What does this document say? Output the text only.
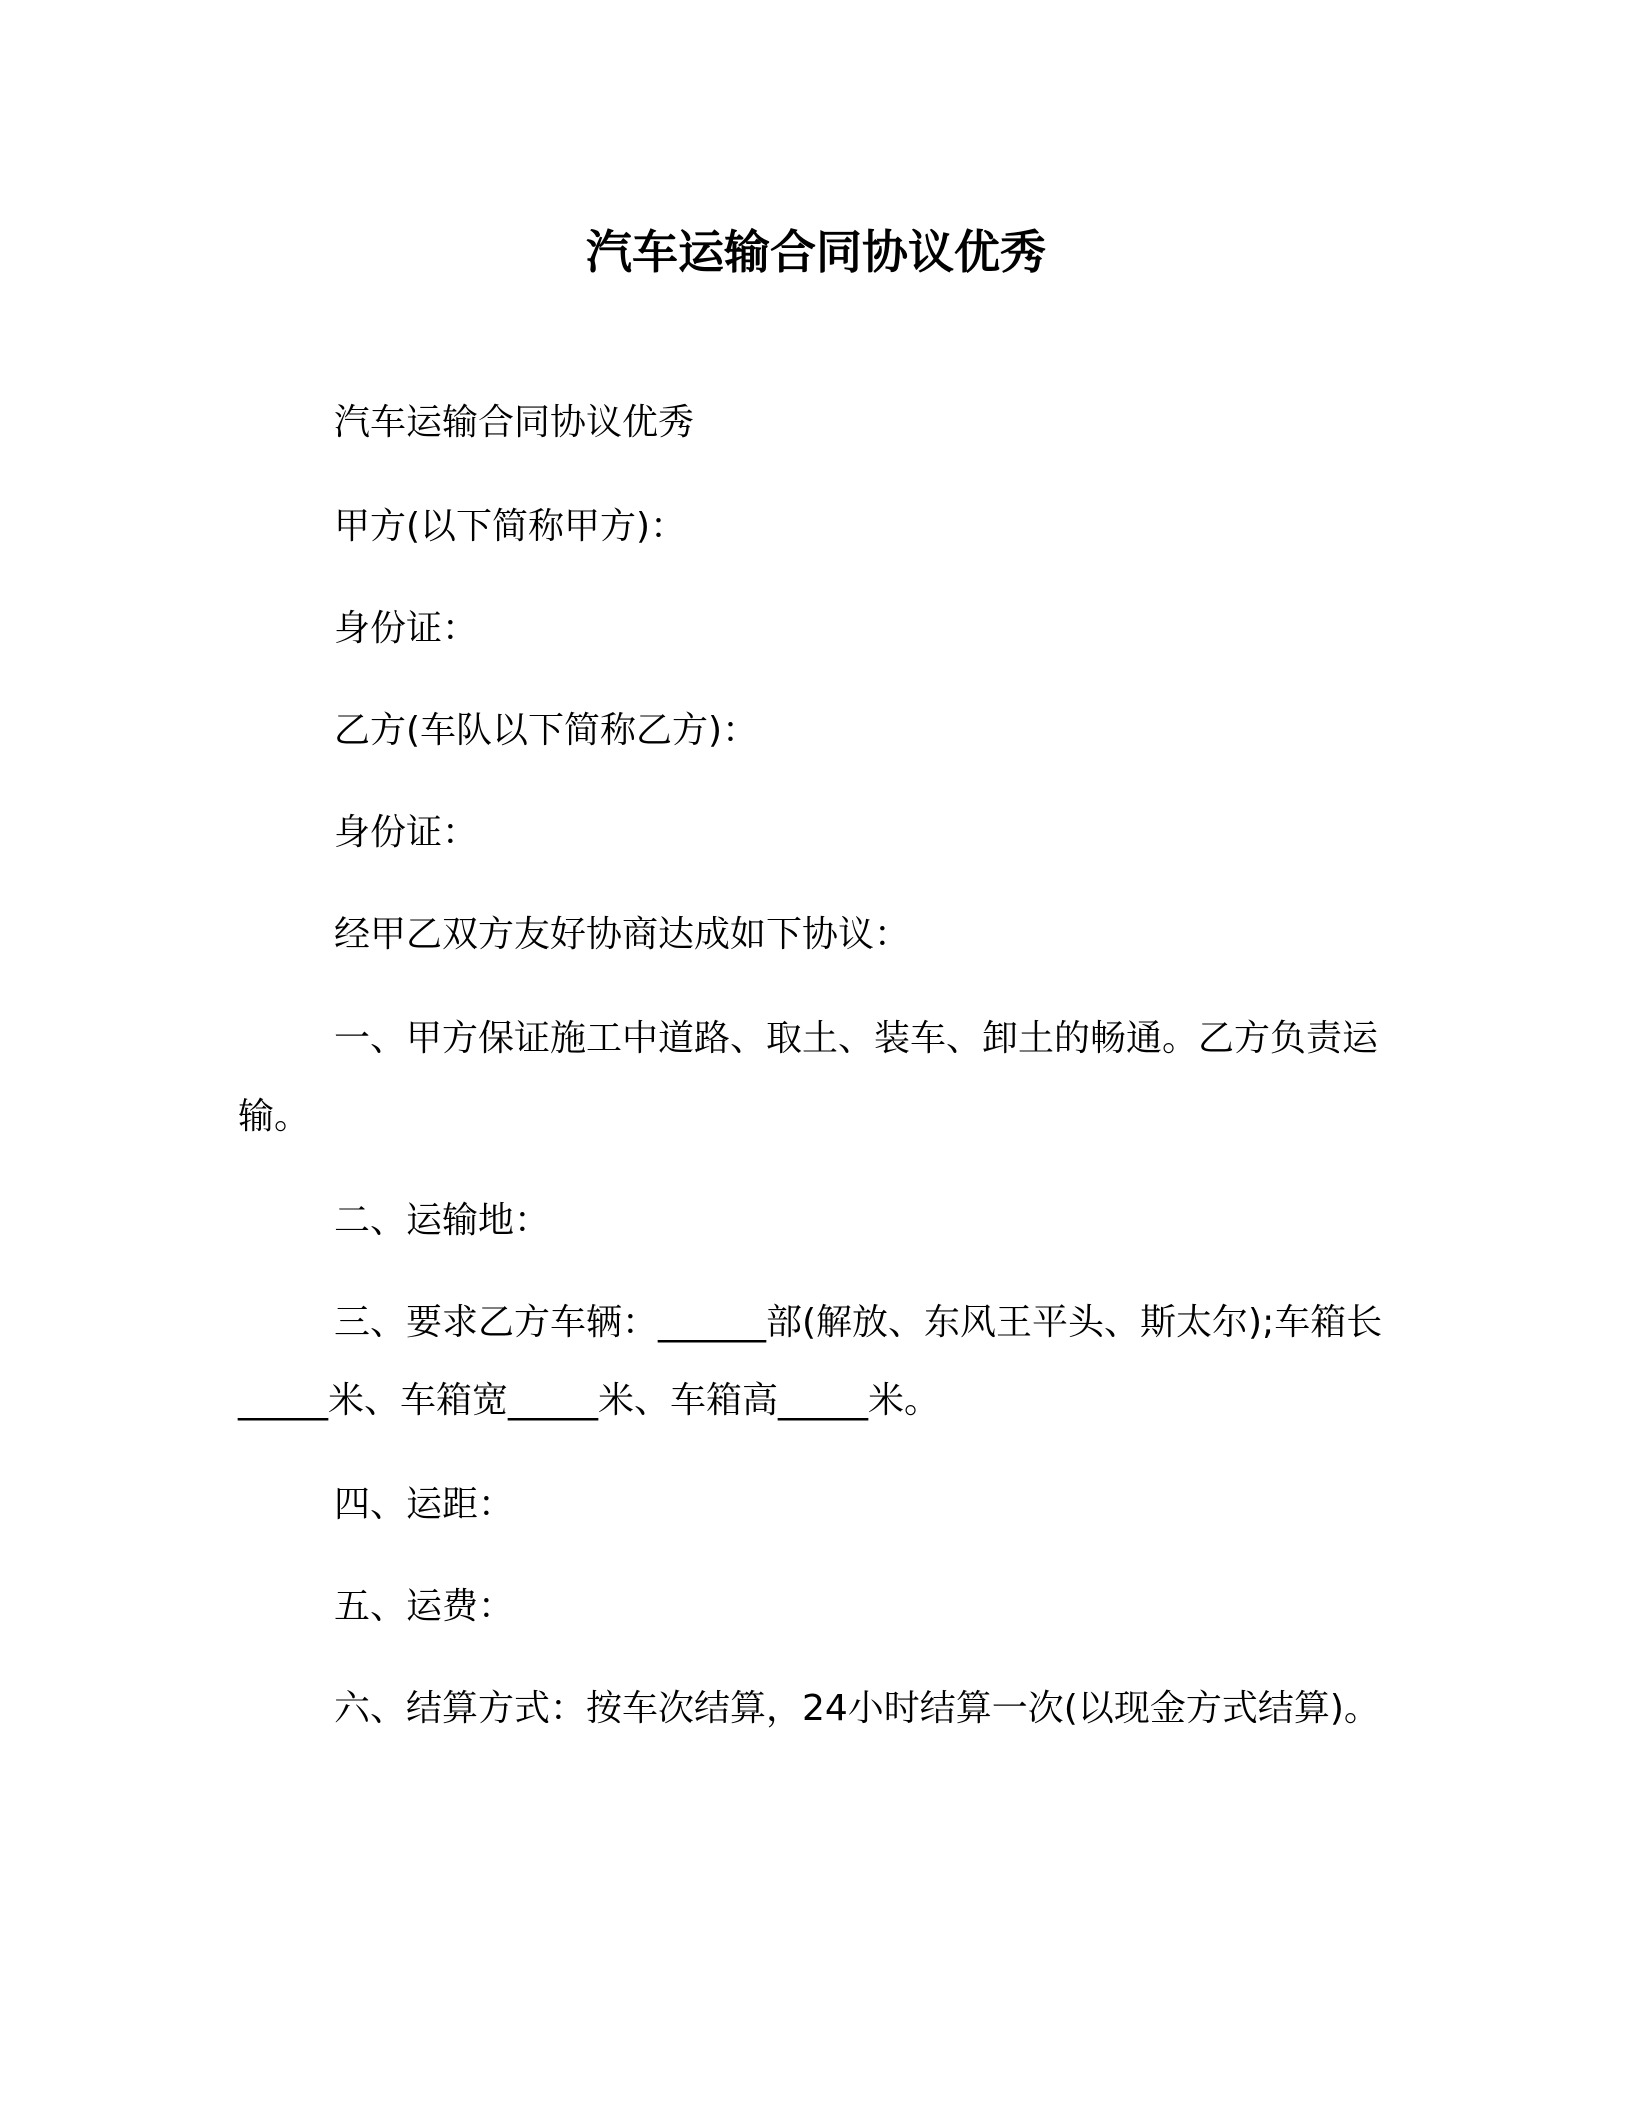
汽车运输合同协议优秀

汽车运输合同协议优秀

甲方(以下简称甲方)：

身份证：

乙方(车队以下简称乙方)：

身份证：

经甲乙双方友好协商达成如下协议：

一、甲方保证施工中道路、取土、装车、卸土的畅通。乙方负责运输。

二、运输地：

三、要求乙方车辆：______部(解放、东风王平头、斯太尔);车箱长_____米、车箱宽_____米、车箱高_____米。

四、运距：

五、运费：

六、结算方式：按车次结算，24小时结算一次(以现金方式结算)。
